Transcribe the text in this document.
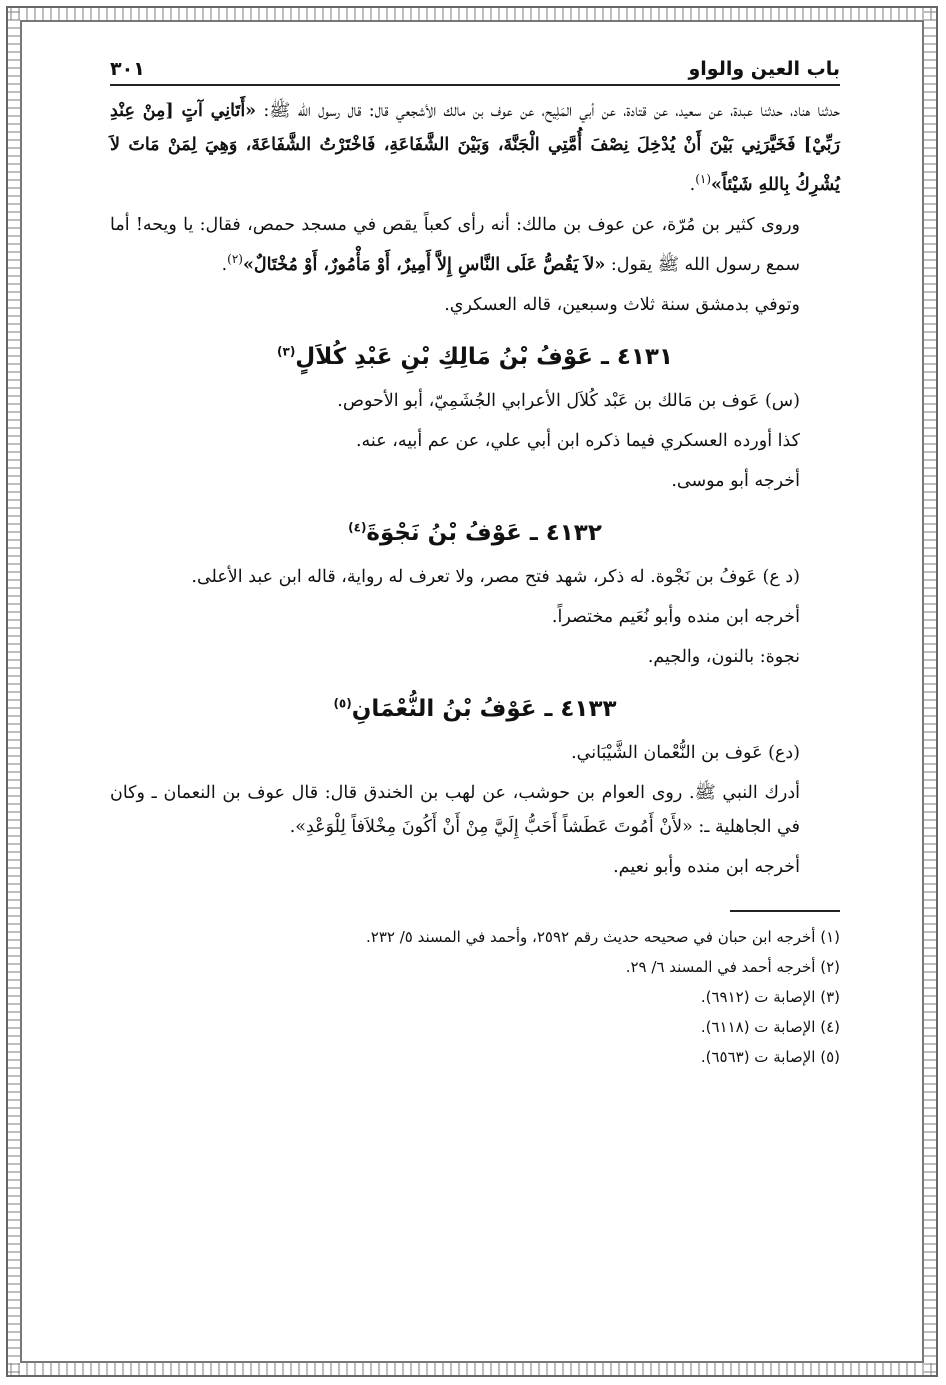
باب العين والواو
٣٠١

حدثنا هناد، حدثنا عبدة، عن سعيد، عن قتادة، عن أبي المَلِيح، عن عوف بن مالك الأشجعي قال: قال رسول الله ﷺ: «أَتَانِي آتٍ [مِنْ عِنْدِ رَبِّيْ] فَخَيَّرَنِي بَيْنَ أَنْ يُدْخِلَ نِصْفَ أُمَّتِي الْجَنَّةَ، وَبَيْنَ الشَّفَاعَةِ، فَاخْتَرْتُ الشَّفَاعَةَ، وَهِيَ لِمَنْ مَاتَ لاَ يُشْرِكُ بِاللهِ شَيْئاً»$^{(١)}$.

وروى كثير بن مُرّة، عن عوف بن مالك: أنه رأى كعباً يقص في مسجد حمص، فقال: يا ويحه! أما سمع رسول الله ﷺ يقول: «لاَ يَقُصُّ عَلَى النَّاسِ إِلاَّ أَمِيرٌ، أَوْ مَأْمُورٌ، أَوْ مُخْتَالٌ»$^{(٢)}$.

وتوفي بدمشق سنة ثلاث وسبعين، قاله العسكري.

٤١٣١ ـ عَوْفُ بْنُ مَالِكِ بْنِ عَبْدِ كُلاَلٍ$^{(٣)}$

(س) عَوف بن مَالك بن عَبْد كُلاَل الأعرابي الجُشَمِيّ، أبو الأحوص.

كذا أورده العسكري فيما ذكره ابن أبي علي، عن عم أبيه، عنه.

أخرجه أبو موسى.

٤١٣٢ ـ عَوْفُ بْنُ نَجْوَةَ$^{(٤)}$

(د ع) عَوفُ بن نَجْوة. له ذكر، شهد فتح مصر، ولا تعرف له رواية، قاله ابن عبد الأعلى.

أخرجه ابن منده وأبو نُعَيم مختصراً.

نجوة: بالنون، والجيم.

٤١٣٣ ـ عَوْفُ بْنُ النُّعْمَانِ$^{(٥)}$

(دع) عَوف بن النُّعْمان الشَّيْبَاني.

أدرك النبي ﷺ. روى العوام بن حوشب، عن لهب بن الخندق قال: قال عوف بن النعمان ـ وكان في الجاهلية ـ: «لأَنْ أَمُوتَ عَطَشاً أَحَبُّ إِلَيَّ مِنْ أَنْ أَكُونَ مِخْلاَفاً لِلْوَعْدِ».

أخرجه ابن منده وأبو نعيم.

(١) أخرجه ابن حبان في صحيحه حديث رقم ٢٥٩٢، وأحمد في المسند ٥/ ٢٣٢.

(٢) أخرجه أحمد في المسند ٦/ ٢٩.

(٣) الإصابة ت (٦٩١٢).

(٤) الإصابة ت (٦١١٨).

(٥) الإصابة ت (٦٥٦٣).
